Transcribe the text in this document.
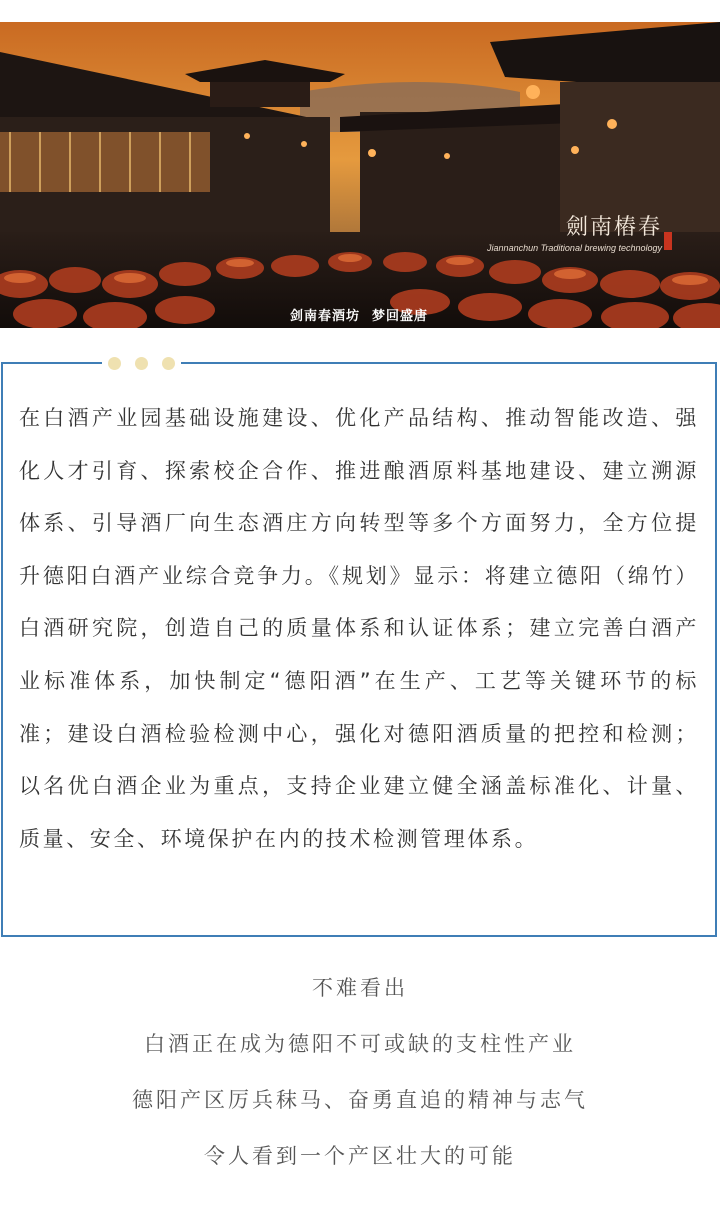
劍南樁春
Jiannanchun Traditional brewing technology
剑南春酒坊 梦回盛唐

在白酒产业园基础设施建设、优化产品结构、推动智能改造、强化人才引育、探索校企合作、推进酿酒原料基地建设、建立溯源体系、引导酒厂向生态酒庄方向转型等多个方面努力，全方位提升德阳白酒产业综合竞争力。《规划》显示：将建立德阳（绵竹）白酒研究院，创造自己的质量体系和认证体系；建立完善白酒产业标准体系，加快制定“德阳酒”在生产、工艺等关键环节的标准；建设白酒检验检测中心，强化对德阳酒质量的把控和检测；以名优白酒企业为重点，支持企业建立健全涵盖标准化、计量、质量、安全、环境保护在内的技术检测管理体系。

不难看出
白酒正在成为德阳不可或缺的支柱性产业
德阳产区厉兵秣马、奋勇直追的精神与志气
令人看到一个产区壮大的可能
